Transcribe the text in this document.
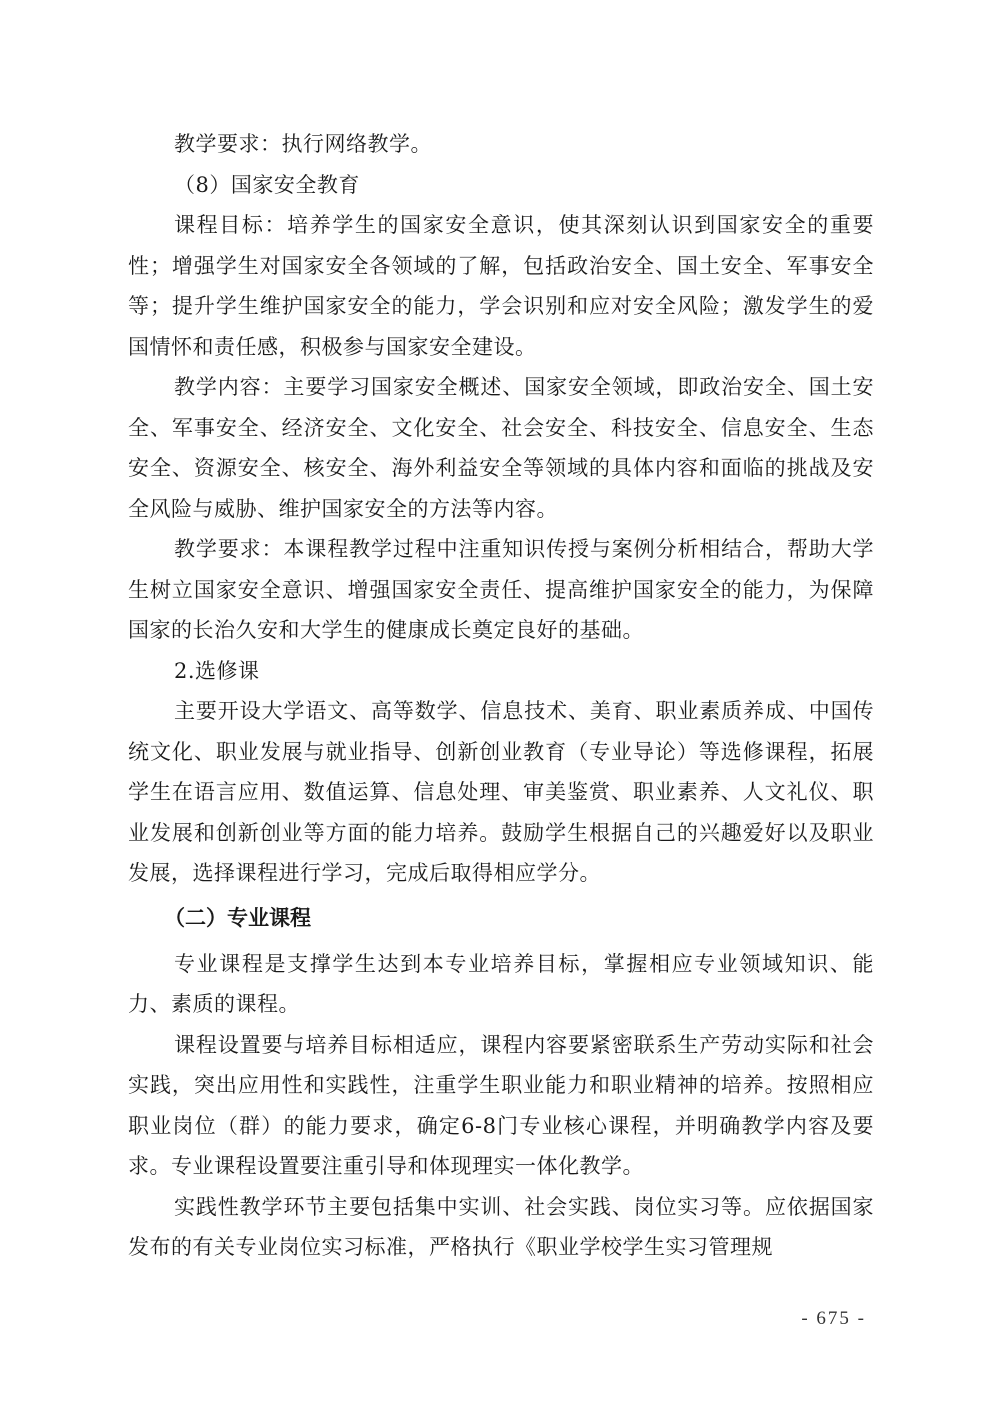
教学要求：执行网络教学。

（8）国家安全教育

课程目标：培养学生的国家安全意识，使其深刻认识到国家安全的重要性；增强学生对国家安全各领域的了解，包括政治安全、国土安全、军事安全等；提升学生维护国家安全的能力，学会识别和应对安全风险；激发学生的爱国情怀和责任感，积极参与国家安全建设。

教学内容：主要学习国家安全概述、国家安全领域，即政治安全、国土安全、军事安全、经济安全、文化安全、社会安全、科技安全、信息安全、生态安全、资源安全、核安全、海外利益安全等领域的具体内容和面临的挑战及安全风险与威胁、维护国家安全的方法等内容。

教学要求：本课程教学过程中注重知识传授与案例分析相结合，帮助大学生树立国家安全意识、增强国家安全责任、提高维护国家安全的能力，为保障国家的长治久安和大学生的健康成长奠定良好的基础。

2.选修课

主要开设大学语文、高等数学、信息技术、美育、职业素质养成、中国传统文化、职业发展与就业指导、创新创业教育（专业导论）等选修课程，拓展学生在语言应用、数值运算、信息处理、审美鉴赏、职业素养、人文礼仪、职业发展和创新创业等方面的能力培养。鼓励学生根据自己的兴趣爱好以及职业发展，选择课程进行学习，完成后取得相应学分。

（二）专业课程

专业课程是支撑学生达到本专业培养目标，掌握相应专业领域知识、能力、素质的课程。

课程设置要与培养目标相适应，课程内容要紧密联系生产劳动实际和社会实践，突出应用性和实践性，注重学生职业能力和职业精神的培养。按照相应职业岗位（群）的能力要求，确定6-8门专业核心课程，并明确教学内容及要求。专业课程设置要注重引导和体现理实一体化教学。

实践性教学环节主要包括集中实训、社会实践、岗位实习等。应依据国家发布的有关专业岗位实习标准，严格执行《职业学校学生实习管理规

- 675 -
